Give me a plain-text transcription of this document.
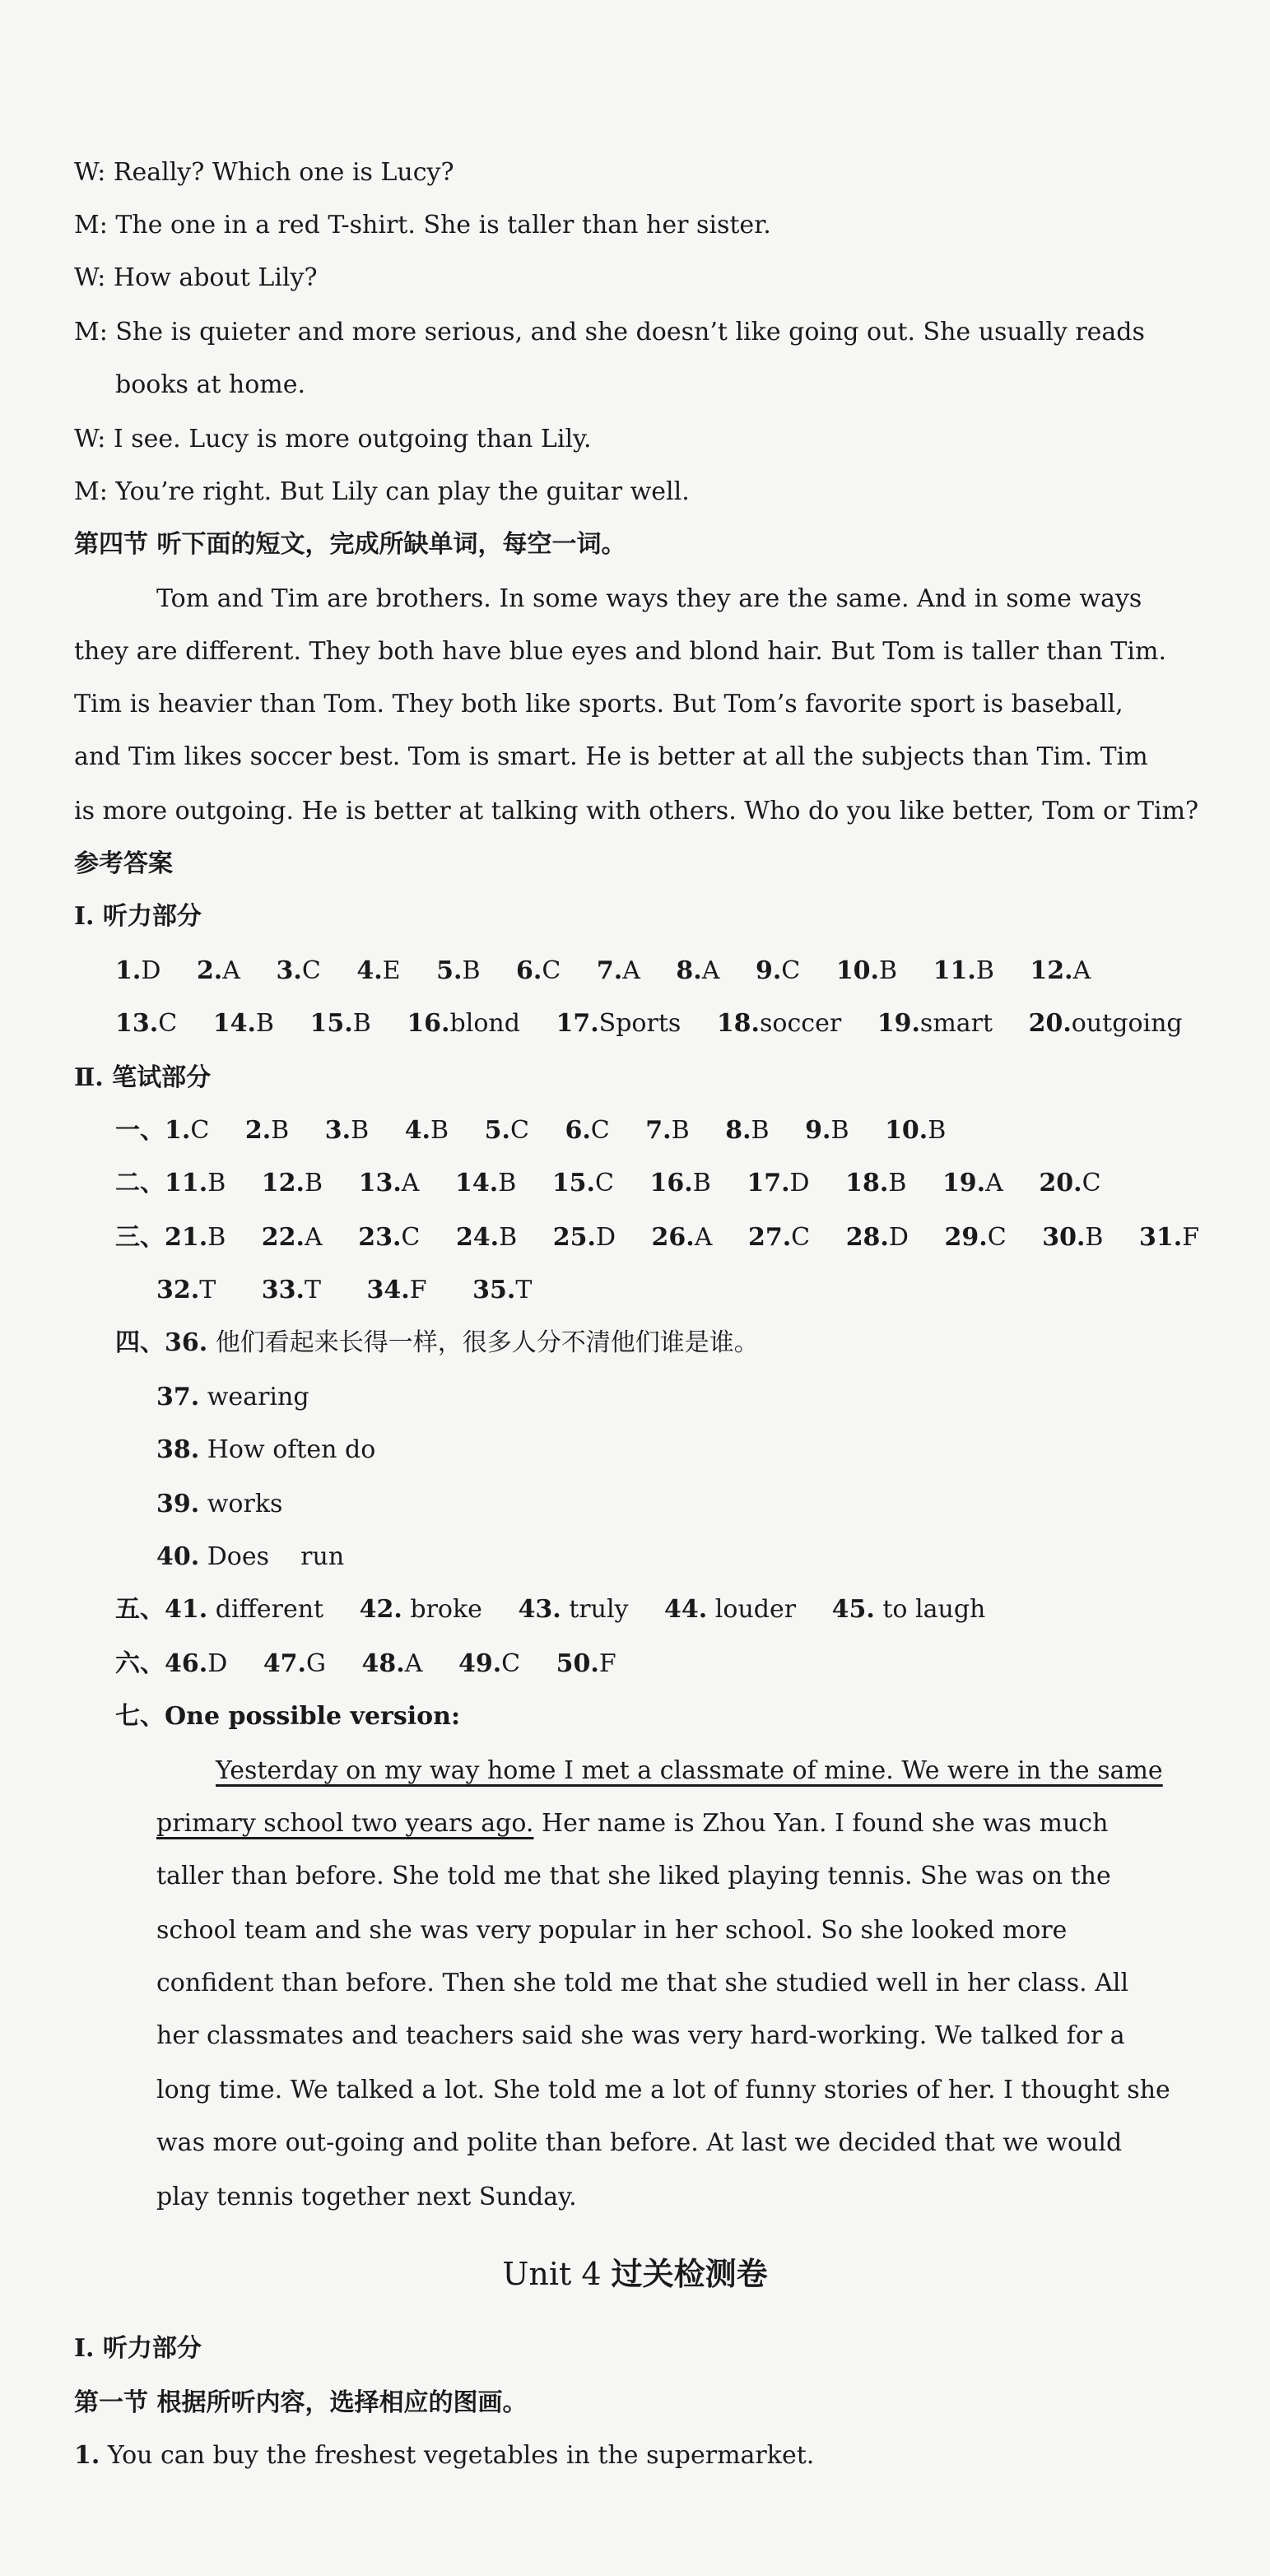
W: Really? Which one is Lucy?
M: The one in a red T-shirt. She is taller than her sister.
W: How about Lily?
M: She is quieter and more serious, and she doesn’t like going out. She usually reads
books at home.
W: I see. Lucy is more outgoing than Lily.
M: You’re right. But Lily can play the guitar well.
第四节 听下面的短文，完成所缺单词，每空一词。
Tom and Tim are brothers. In some ways they are the same. And in some ways
they are different. They both have blue eyes and blond hair. But Tom is taller than Tim.
Tim is heavier than Tom. They both like sports. But Tom’s favorite sport is baseball,
and Tim likes soccer best. Tom is smart. He is better at all the subjects than Tim. Tim
is more outgoing. He is better at talking with others. Who do you like better, Tom or Tim?
参考答案
Ⅰ. 听力部分
1.D 2.A 3.C 4.E 5.B 6.C 7.A 8.A 9.C 10.B 11.B 12.A
13.C 14.B 15.B 16.blond 17.Sports 18.soccer 19.smart 20.outgoing
Ⅱ. 笔试部分
一、1.C 2.B 3.B 4.B 5.C 6.C 7.B 8.B 9.B 10.B
二、11.B 12.B 13.A 14.B 15.C 16.B 17.D 18.B 19.A 20.C
三、21.B 22.A 23.C 24.B 25.D 26.A 27.C 28.D 29.C 30.B 31.F
32.T 33.T 34.F 35.T
四、36. 他们看起来长得一样，很多人分不清他们谁是谁。
37. wearing
38. How often do
39. works
40. Does    run
五、41. different 42. broke 43. truly 44. louder 45. to laugh
六、46.D 47.G 48.A 49.C 50.F
七、One possible version:
Yesterday on my way home I met a classmate of mine. We were in the same
primary school two years ago. Her name is Zhou Yan. I found she was much
taller than before. She told me that she liked playing tennis. She was on the
school team and she was very popular in her school. So she looked more
confident than before. Then she told me that she studied well in her class. All
her classmates and teachers said she was very hard-working. We talked for a
long time. We talked a lot. She told me a lot of funny stories of her. I thought she
was more out-going and polite than before. At last we decided that we would
play tennis together next Sunday.
Unit 4 过关检测卷
Ⅰ. 听力部分
第一节 根据所听内容，选择相应的图画。
1. You can buy the freshest vegetables in the supermarket.
